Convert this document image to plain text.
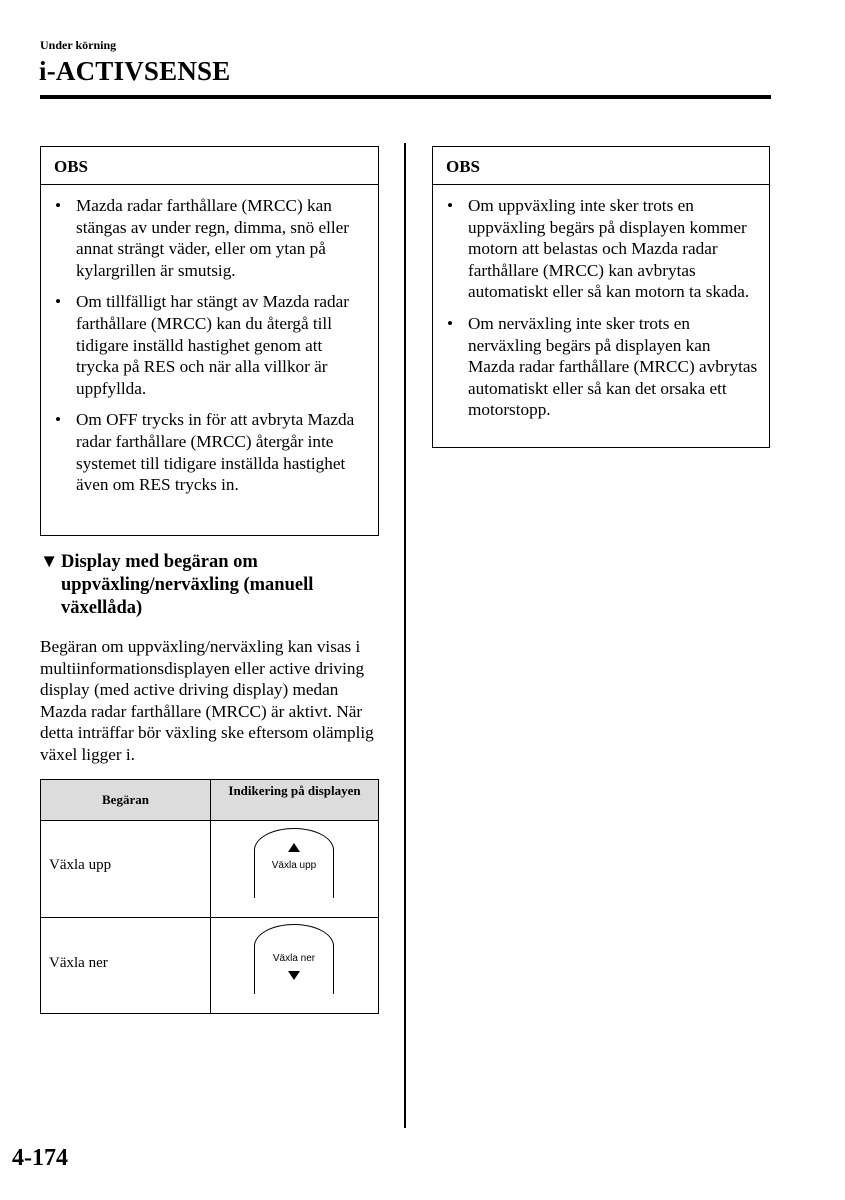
Under körning
i-ACTIVSENSE
OBS
• Mazda radar farthållare (MRCC) kan stängas av under regn, dimma, snö eller annat strängt väder, eller om ytan på kylargrillen är smutsig.
• Om tillfälligt har stängt av Mazda radar farthållare (MRCC) kan du återgå till tidigare inställd hastighet genom att trycka på RES och när alla villkor är uppfyllda.
• Om OFF trycks in för att avbryta Mazda radar farthållare (MRCC) återgår inte systemet till tidigare inställda hastighet även om RES trycks in.
▼ Display med begäran om uppväxling/nerväxling (manuell växellåda)
Begäran om uppväxling/nerväxling kan visas i multiinformationsdisplayen eller active driving display (med active driving display) medan Mazda radar farthållare (MRCC) är aktivt. När detta inträffar bör växling ske eftersom olämplig växel ligger i.
Begäran
Indikering på displayen
Växla upp	Växla upp
Växla ner	Växla ner
OBS
• Om uppväxling inte sker trots en uppväxling begärs på displayen kommer motorn att belastas och Mazda radar farthållare (MRCC) kan avbrytas automatiskt eller så kan motorn ta skada.
• Om nerväxling inte sker trots en nerväxling begärs på displayen kan Mazda radar farthållare (MRCC) avbrytas automatiskt eller så kan det orsaka ett motorstopp.
4-174
